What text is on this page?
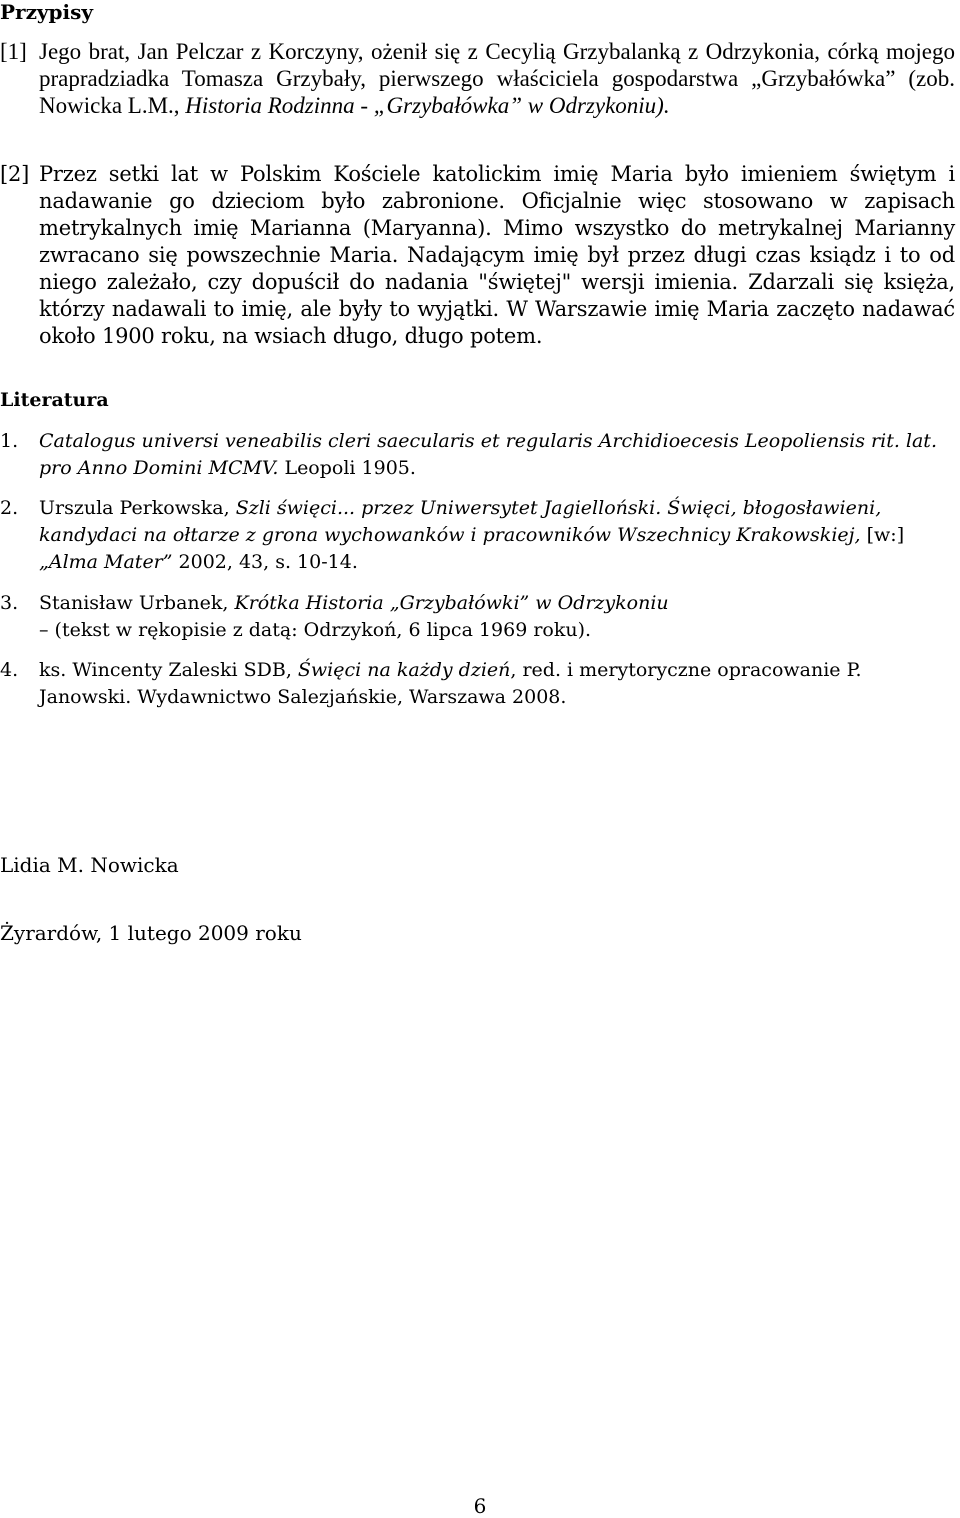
Przypisy
[1] Jego brat, Jan Pelczar z Korczyny, ożenił się z Cecylią Grzybalanką z Odrzykonia, córką mojego prapradziadka Tomasza Grzybały, pierwszego właściciela gospodarstwa „Grzybałówka” (zob. Nowicka L.M., Historia Rodzinna - „Grzybałówka” w Odrzykoniu).
[2] Przez setki lat w Polskim Kościele katolickim imię Maria było imieniem świętym i nadawanie go dzieciom było zabronione. Oficjalnie więc stosowano w zapisach metrykalnych imię Marianna (Maryanna). Mimo wszystko do metrykalnej Marianny zwracano się powszechnie Maria. Nadającym imię był przez długi czas ksiądz i to od niego zależało, czy dopuścił do nadania "świętej" wersji imienia. Zdarzali się księża, którzy nadawali to imię, ale były to wyjątki. W Warszawie imię Maria zaczęto nadawać około 1900 roku, na wsiach długo, długo potem.
Literatura
1. Catalogus universi veneabilis cleri saecularis et regularis Archidioecesis Leopoliensis rit. lat. pro Anno Domini MCMV. Leopoli 1905.
2. Urszula Perkowska, Szli święci... przez Uniwersytet Jagielloński. Święci, błogosławieni, kandydaci na ołtarze z grona wychowanków i pracowników Wszechnicy Krakowskiej, [w:] „Alma Mater” 2002, 43, s. 10-14.
3. Stanisław Urbanek, Krótka Historia „Grzybałówki” w Odrzykoniu
– (tekst w rękopisie z datą: Odrzykoń, 6 lipca 1969 roku).
4. ks. Wincenty Zaleski SDB, Święci na każdy dzień, red. i merytoryczne opracowanie P. Janowski. Wydawnictwo Salezjańskie, Warszawa 2008.

Lidia M. Nowicka

Żyrardów, 1 lutego 2009 roku

6
